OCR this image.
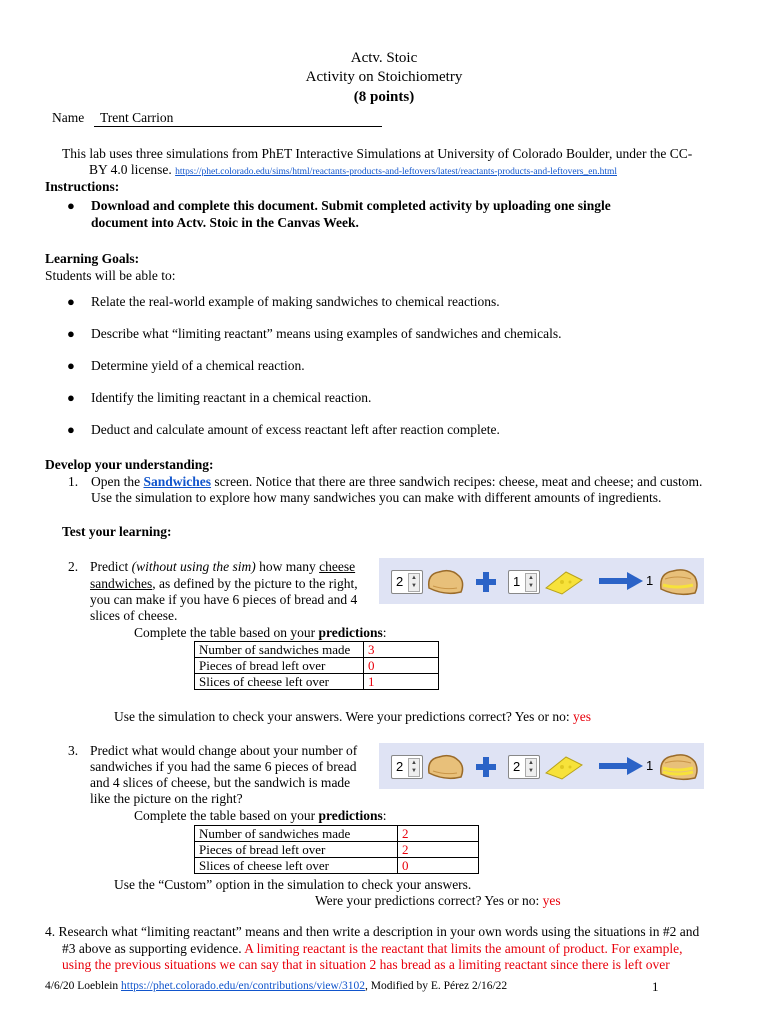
Actv. Stoic
Activity on Stoichiometry
(8 points)
Name	Trent Carrion
This lab uses three simulations from PhET Interactive Simulations at University of Colorado Boulder, under the CC-
BY 4.0 license. https://phet.colorado.edu/sims/html/reactants-products-and-leftovers/latest/reactants-products-and-leftovers_en.html
Instructions:
● Download and complete this document. Submit completed activity by uploading one single
document into Actv. Stoic in the Canvas Week.
Learning Goals:
Students will be able to:
● Relate the real-world example of making sandwiches to chemical reactions.
● Describe what “limiting reactant” means using examples of sandwiches and chemicals.
● Determine yield of a chemical reaction.
● Identify the limiting reactant in a chemical reaction.
● Deduct and calculate amount of excess reactant left after reaction complete.
Develop your understanding:
1. Open the Sandwiches screen. Notice that there are three sandwich recipes: cheese, meat and cheese; and custom.
Use the simulation to explore how many sandwiches you can make with different amounts of ingredients.
Test your learning:
2. Predict (without using the sim) how many cheese
sandwiches, as defined by the picture to the right,
you can make if you have 6 pieces of bread and 4
slices of cheese.
2	▲
▼	1	▲
▼	1
Complete the table based on your predictions:
Number of sandwiches made	3
Pieces of bread left over	0
Slices of cheese left over	1
Use the simulation to check your answers. Were your predictions correct? Yes or no: yes
3. Predict what would change about your number of
sandwiches if you had the same 6 pieces of bread
and 4 slices of cheese, but the sandwich is made
like the picture on the right?
2	▲
▼	2	▲
▼	1
Complete the table based on your predictions:
Number of sandwiches made	2
Pieces of bread left over	2
Slices of cheese left over	0
Use the “Custom” option in the simulation to check your answers.
Were your predictions correct? Yes or no: yes
4. Research what “limiting reactant” means and then write a description in your own words using the situations in #2 and
#3 above as supporting evidence. A limiting reactant is the reactant that limits the amount of product. For example,
using the previous situations we can say that in situation 2 has bread as a limiting reactant since there is left over
4/6/20 Loeblein https://phet.colorado.edu/en/contributions/view/3102, Modified by E. Pérez 2/16/22	1
